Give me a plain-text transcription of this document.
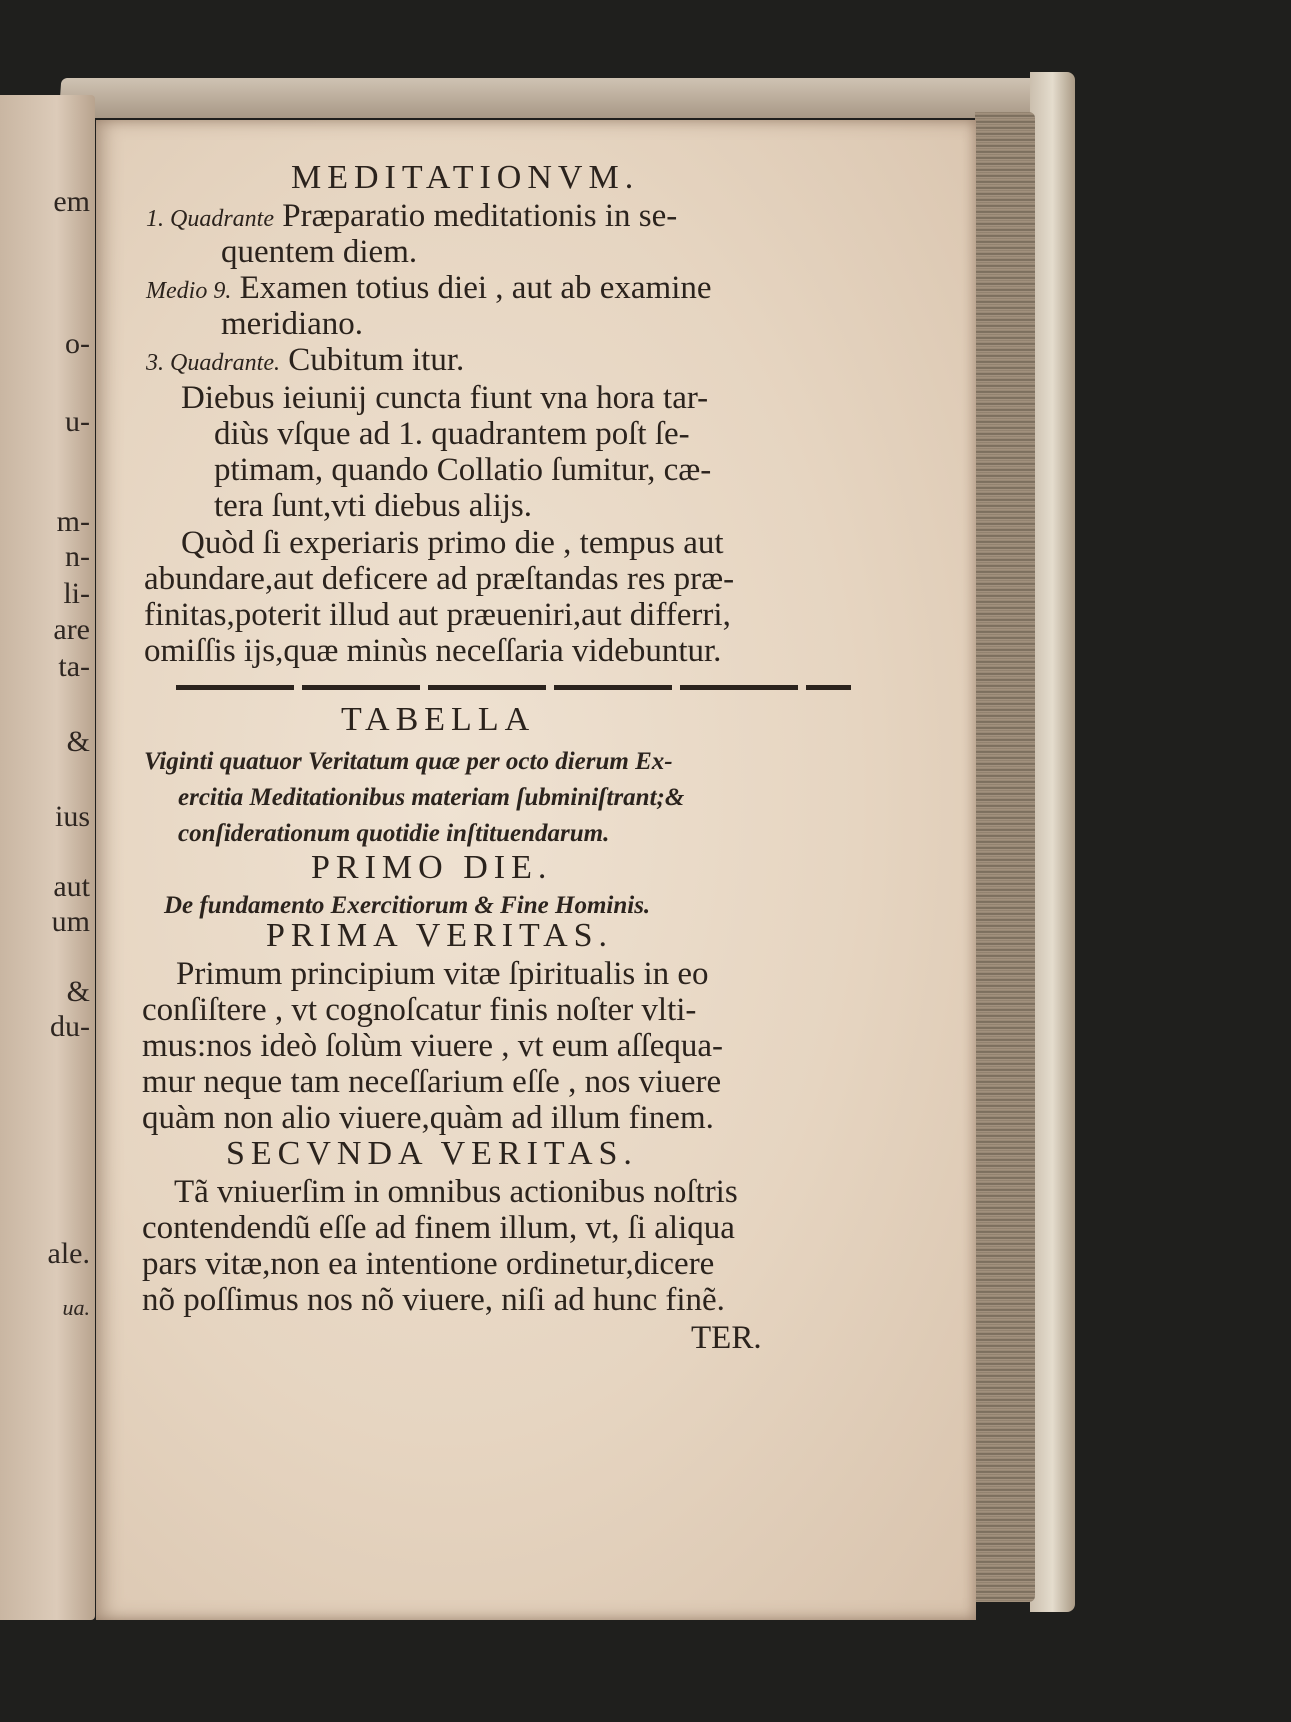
em
o-
u-
m-
n-
li-
are
ta-
&
ius
aut
um
&
du-
ale.
ua.

MEDITATIONVM.

1. Quadrante Præparatio meditationis in se-

quentem diem.

Medio 9. Examen totius diei , aut ab examine

meridiano.

3. Quadrante. Cubitum itur.

Diebus ieiunij cuncta fiunt vna hora tar-

diùs vſque ad 1. quadrantem poſt ſe-

ptimam, quando Collatio ſumitur, cæ-

tera ſunt,vti diebus alijs.

Quòd ſi experiaris primo die , tempus aut

abundare,aut deficere ad præſtandas res præ-

finitas,poterit illud aut præueniri,aut differri,

omiſſis ijs,quæ minùs neceſſaria videbuntur.

TABELLA

Viginti quatuor Veritatum quæ per octo dierum Ex-

ercitia Meditationibus materiam ſubminiſtrant;&

conſiderationum quotidie inſtituendarum.

PRIMO DIE.

De fundamento Exercitiorum & Fine Hominis.

PRIMA VERITAS.

Primum principium vitæ ſpiritualis in eo

conſiſtere , vt cognoſcatur finis noſter vlti-

mus:nos ideò ſolùm viuere , vt eum aſſequa-

mur neque tam neceſſarium eſſe , nos viuere

quàm non alio viuere,quàm ad illum finem.

SECVNDA VERITAS.

Tã vniuerſim in omnibus actionibus noſtris

contendendũ eſſe ad finem illum, vt, ſi aliqua

pars vitæ,non ea intentione ordinetur,dicere

nõ poſſimus nos nõ viuere, niſi ad hunc finẽ.

TER.
